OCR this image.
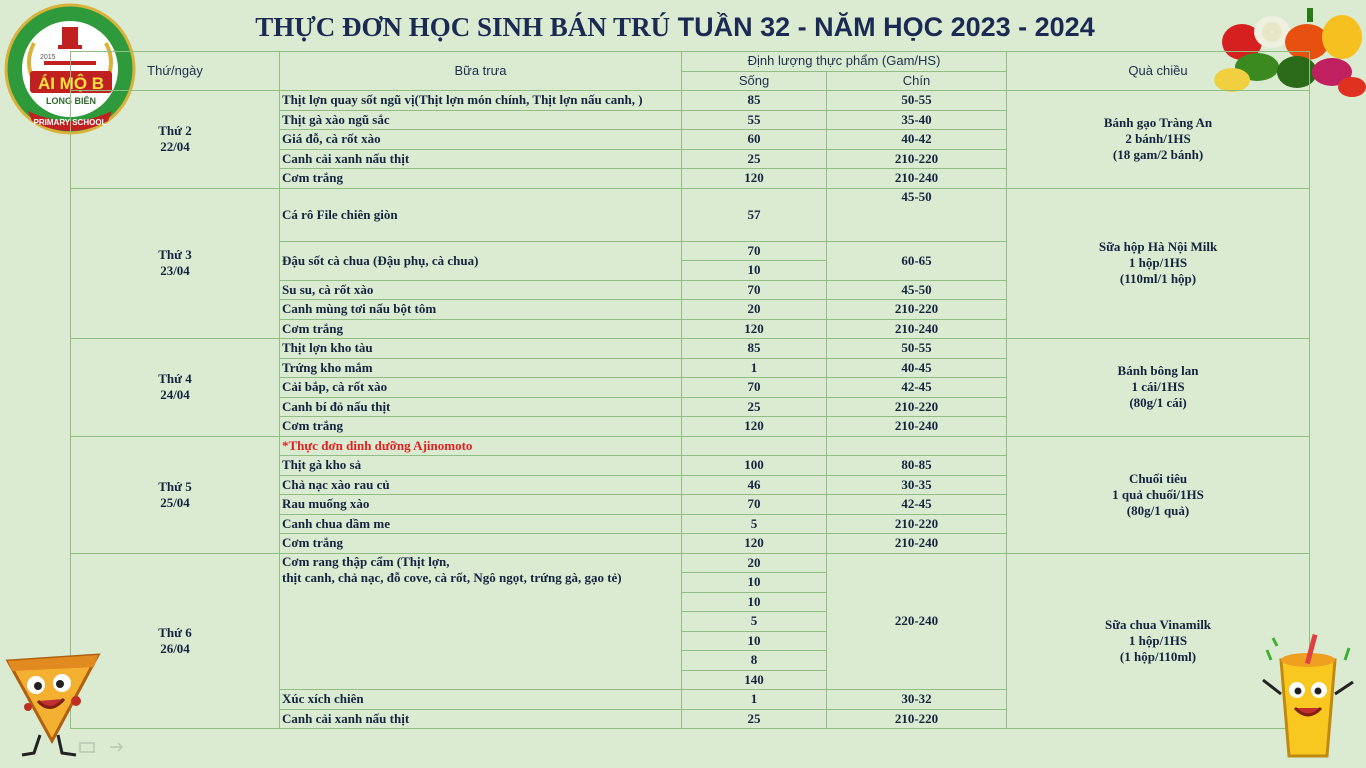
ÁI MỘ B
LONG BIÊN
PRIMARY SCHOOL
2015
THỰC ĐƠN HỌC SINH BÁN TRÚ TUẦN 32 - NĂM HỌC 2023 - 2024
Thứ/ngày	Bữa trưa	Định lượng thực phẩm (Gam/HS)		Quà chiều
		Sống	Chín	
Thứ 2
22/04	Thịt lợn quay sốt ngũ vị(Thịt lợn món chính, Thịt lợn nấu canh, )	85	50-55	Bánh gạo Tràng An
2 bánh/1HS
(18 gam/2 bánh)
	Thịt gà xào ngũ sắc	55	35-40	
	Giá đỗ, cà rốt xào	60	40-42	
	Canh cải xanh nấu thịt	25	210-220	
	Cơm trắng	120	210-240	
Thứ 3
23/04	Cá rô File chiên giòn	57	45-50	Sữa hộp Hà Nội Milk
1 hộp/1HS
(110ml/1 hộp)

	Đậu sốt cà chua (Đậu phụ, cà chua)	70	60-65	
		10		
	Su su, cà rốt xào	70	45-50	
	Canh mùng tơi nấu bột tôm	20	210-220	
	Cơm trắng	120	210-240	
Thứ 4
24/04	Thịt lợn kho tàu	85	50-55	Bánh bông lan
1 cái/1HS
(80g/1 cái)
	Trứng kho mắm	1	40-45	
	Cải bắp, cà rốt xào	70	42-45	
	Canh bí đỏ nấu thịt	25	210-220	
	Cơm trắng	120	210-240	
Thứ 5
25/04	*Thực đơn dinh dưỡng Ajinomoto			Chuối tiêu
1 quả chuối/1HS
(80g/1 quả)
	Thịt gà kho sả	100	80-85	
	Chả nạc xào rau củ	46	30-35	
	Rau muống xào	70	42-45	
	Canh chua dầm me	5	210-220	
	Cơm trắng	120	210-240	
Thứ 6
26/04	Cơm rang thập cẩm (Thịt lợn,
thịt canh, chả nạc, đỗ cove, cà rốt, Ngô ngọt, trứng gà, gạo tẻ)	20	220-240	Sữa chua Vinamilk
1 hộp/1HS
(1 hộp/110ml)
		10		
		10		
		5		
		10		
		8		
		140		
	Xúc xích chiên	1	30-32	
	Canh cải xanh nấu thịt	25	210-220	
